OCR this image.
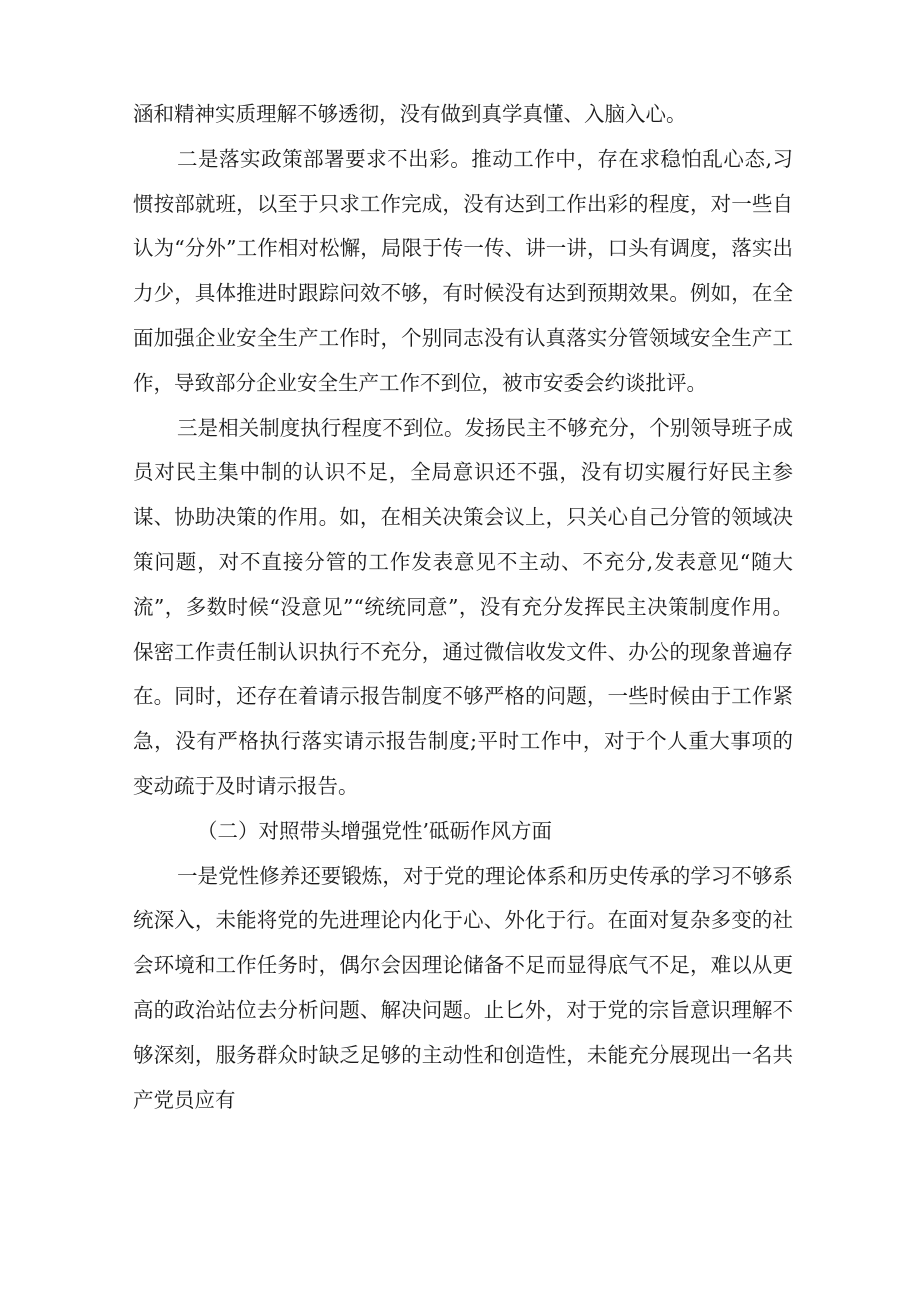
涵和精神实质理解不够透彻，没有做到真学真懂、入脑入心。

二是落实政策部署要求不出彩。推动工作中，存在求稳怕乱心态,习惯按部就班，以至于只求工作完成，没有达到工作出彩的程度，对一些自认为“分外”工作相对松懈，局限于传一传、讲一讲，口头有调度，落实出力少，具体推进时跟踪问效不够，有时候没有达到预期效果。例如，在全面加强企业安全生产工作时，个别同志没有认真落实分管领域安全生产工作，导致部分企业安全生产工作不到位，被市安委会约谈批评。

三是相关制度执行程度不到位。发扬民主不够充分，个别领导班子成员对民主集中制的认识不足，全局意识还不强，没有切实履行好民主参谋、协助决策的作用。如，在相关决策会议上，只关心自己分管的领域决策问题，对不直接分管的工作发表意见不主动、不充分,发表意见“随大流”，多数时候“没意见”“统统同意”，没有充分发挥民主决策制度作用。保密工作责任制认识执行不充分，通过微信收发文件、办公的现象普遍存在。同时，还存在着请示报告制度不够严格的问题，一些时候由于工作紧急，没有严格执行落实请示报告制度;平时工作中，对于个人重大事项的变动疏于及时请示报告。

（二）对照带头增强党性’砥砺作风方面

一是党性修养还要锻炼，对于党的理论体系和历史传承的学习不够系统深入，未能将党的先进理论内化于心、外化于行。在面对复杂多变的社会环境和工作任务时，偶尔会因理论储备不足而显得底气不足，难以从更高的政治站位去分析问题、解决问题。止匕外，对于党的宗旨意识理解不够深刻，服务群众时缺乏足够的主动性和创造性，未能充分展现出一名共产党员应有
